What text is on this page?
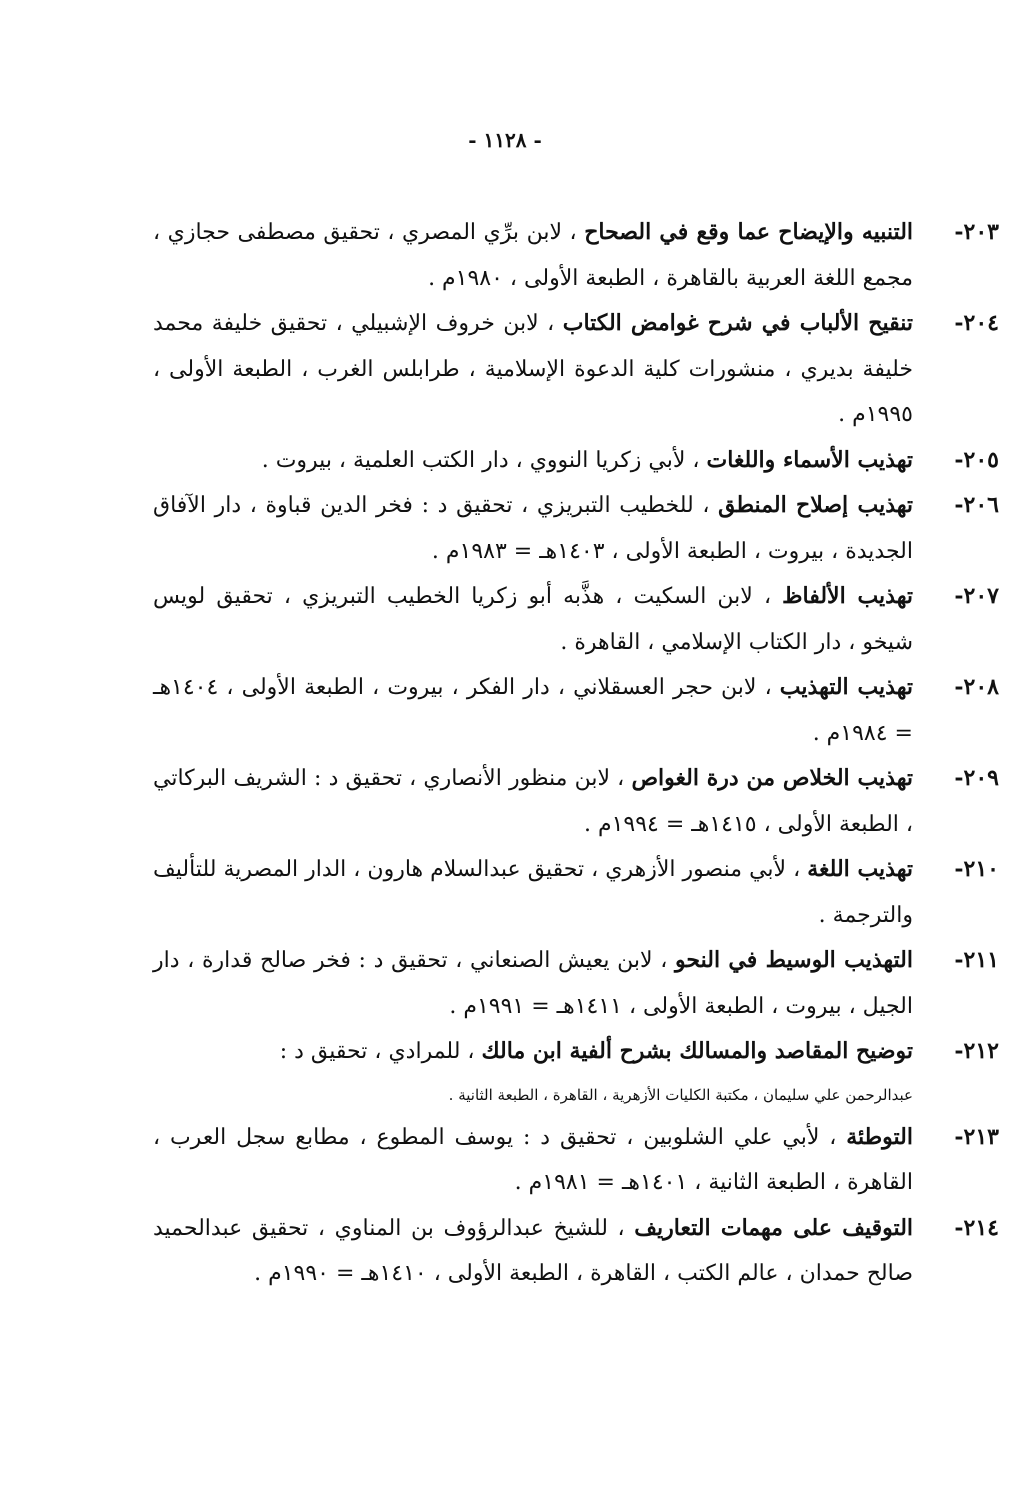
- ١١٢٨ -
٢٠٣-
التنبيه والإيضاح عما وقع في الصحاح ، لابن برِّي المصري ، تحقيق مصطفى حجازي ، مجمع اللغة العربية بالقاهرة ، الطبعة الأولى ، ١٩٨٠م .
٢٠٤-
تنقيح الألباب في شرح غوامض الكتاب ، لابن خروف الإشبيلي ، تحقيق خليفة محمد خليفة بديري ، منشورات كلية الدعوة الإسلامية ، طرابلس الغرب ، الطبعة الأولى ، ١٩٩٥م .
٢٠٥-
تهذيب الأسماء واللغات ، لأبي زكريا النووي ، دار الكتب العلمية ، بيروت .
٢٠٦-
تهذيب إصلاح المنطق ، للخطيب التبريزي ، تحقيق د : فخر الدين قباوة ، دار الآفاق الجديدة ، بيروت ، الطبعة الأولى ، ١٤٠٣هـ = ١٩٨٣م .
٢٠٧-
تهذيب الألفاظ ، لابن السكيت ، هذَّبه أبو زكريا الخطيب التبريزي ، تحقيق لويس شيخو ، دار الكتاب الإسلامي ، القاهرة .
٢٠٨-
تهذيب التهذيب ، لابن حجر العسقلاني ، دار الفكر ، بيروت ، الطبعة الأولى ، ١٤٠٤هـ = ١٩٨٤م .
٢٠٩-
تهذيب الخلاص من درة الغواص ، لابن منظور الأنصاري ، تحقيق د : الشريف البركاتي ، الطبعة الأولى ، ١٤١٥هـ = ١٩٩٤م .
٢١٠-
تهذيب اللغة ، لأبي منصور الأزهري ، تحقيق عبدالسلام هارون ، الدار المصرية للتأليف والترجمة .
٢١١-
التهذيب الوسيط في النحو ، لابن يعيش الصنعاني ، تحقيق د : فخر صالح قدارة ، دار الجيل ، بيروت ، الطبعة الأولى ، ١٤١١هـ = ١٩٩١م .
٢١٢-
توضيح المقاصد والمسالك بشرح ألفية ابن مالك ، للمرادي ، تحقيق د :
عبدالرحمن علي سليمان ، مكتبة الكليات الأزهرية ، القاهرة ، الطبعة الثانية .
٢١٣-
التوطئة ، لأبي علي الشلوبين ، تحقيق د : يوسف المطوع ، مطابع سجل العرب ، القاهرة ، الطبعة الثانية ، ١٤٠١هـ = ١٩٨١م .
٢١٤-
التوقيف على مهمات التعاريف ، للشيخ عبدالرؤوف بن المناوي ، تحقيق عبدالحميد صالح حمدان ، عالم الكتب ، القاهرة ، الطبعة الأولى ، ١٤١٠هـ = ١٩٩٠م .
